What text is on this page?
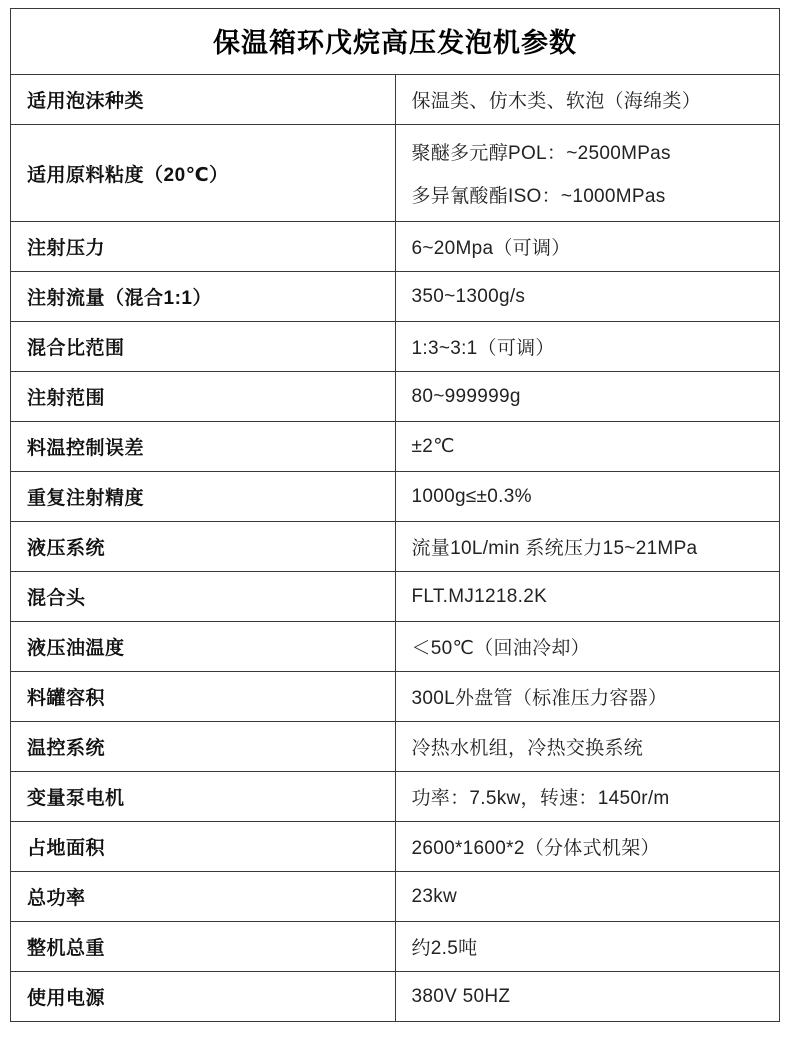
保温箱环戊烷高压发泡机参数	
适用泡沫种类	保温类、仿木类、软泡（海绵类）

适用原料粘度（20℃）	聚醚多元醇POL：~2500MPas
多异氰酸酯ISO：~1000MPas

注射压力	6~20Mpa（可调）

注射流量（混合1:1）	350~1300g/s

混合比范围	1:3~3:1（可调）

注射范围	80~999999g

料温控制误差	±2℃

重复注射精度	1000g≤±0.3%

液压系统	流量10L/min 系统压力15~21MPa

混合头	FLT.MJ1218.2K

液压油温度	＜50℃（回油冷却）

料罐容积	300L外盘管（标准压力容器）

温控系统	冷热水机组，冷热交换系统

变量泵电机	功率：7.5kw，转速：1450r/m

占地面积	2600*1600*2（分体式机架）

总功率	23kw

整机总重	约2.5吨

使用电源	380V 50HZ
